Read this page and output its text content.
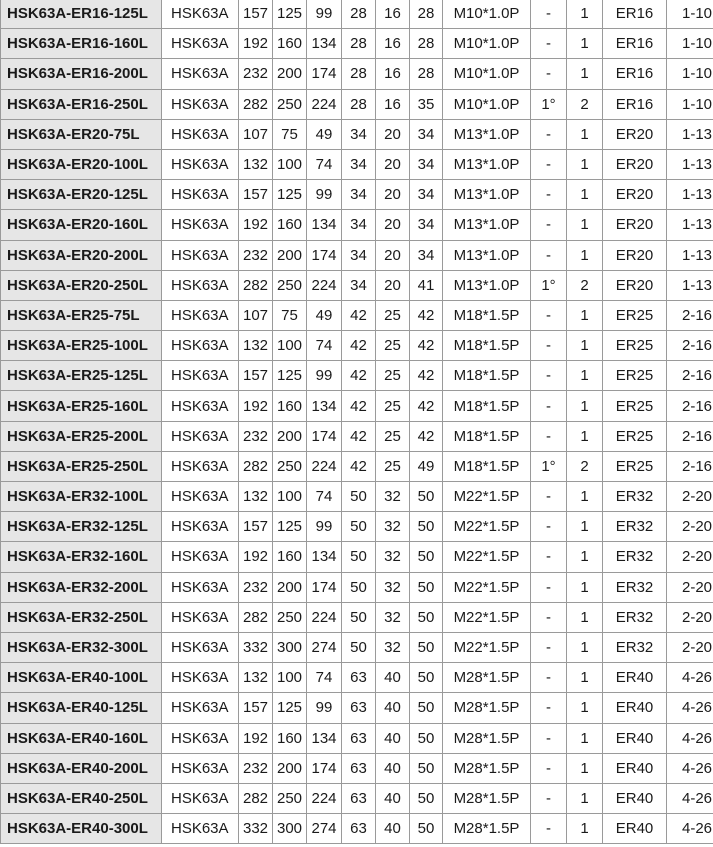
HSK63A-ER16-125L	HSK63A	157	125	99	28	16	28	M10*1.0P	-	1	ER16	1-10
HSK63A-ER16-160L	HSK63A	192	160	134	28	16	28	M10*1.0P	-	1	ER16	1-10
HSK63A-ER16-200L	HSK63A	232	200	174	28	16	28	M10*1.0P	-	1	ER16	1-10
HSK63A-ER16-250L	HSK63A	282	250	224	28	16	35	M10*1.0P	1°	2	ER16	1-10
HSK63A-ER20-75L	HSK63A	107	75	49	34	20	34	M13*1.0P	-	1	ER20	1-13
HSK63A-ER20-100L	HSK63A	132	100	74	34	20	34	M13*1.0P	-	1	ER20	1-13
HSK63A-ER20-125L	HSK63A	157	125	99	34	20	34	M13*1.0P	-	1	ER20	1-13
HSK63A-ER20-160L	HSK63A	192	160	134	34	20	34	M13*1.0P	-	1	ER20	1-13
HSK63A-ER20-200L	HSK63A	232	200	174	34	20	34	M13*1.0P	-	1	ER20	1-13
HSK63A-ER20-250L	HSK63A	282	250	224	34	20	41	M13*1.0P	1°	2	ER20	1-13
HSK63A-ER25-75L	HSK63A	107	75	49	42	25	42	M18*1.5P	-	1	ER25	2-16
HSK63A-ER25-100L	HSK63A	132	100	74	42	25	42	M18*1.5P	-	1	ER25	2-16
HSK63A-ER25-125L	HSK63A	157	125	99	42	25	42	M18*1.5P	-	1	ER25	2-16
HSK63A-ER25-160L	HSK63A	192	160	134	42	25	42	M18*1.5P	-	1	ER25	2-16
HSK63A-ER25-200L	HSK63A	232	200	174	42	25	42	M18*1.5P	-	1	ER25	2-16
HSK63A-ER25-250L	HSK63A	282	250	224	42	25	49	M18*1.5P	1°	2	ER25	2-16
HSK63A-ER32-100L	HSK63A	132	100	74	50	32	50	M22*1.5P	-	1	ER32	2-20
HSK63A-ER32-125L	HSK63A	157	125	99	50	32	50	M22*1.5P	-	1	ER32	2-20
HSK63A-ER32-160L	HSK63A	192	160	134	50	32	50	M22*1.5P	-	1	ER32	2-20
HSK63A-ER32-200L	HSK63A	232	200	174	50	32	50	M22*1.5P	-	1	ER32	2-20
HSK63A-ER32-250L	HSK63A	282	250	224	50	32	50	M22*1.5P	-	1	ER32	2-20
HSK63A-ER32-300L	HSK63A	332	300	274	50	32	50	M22*1.5P	-	1	ER32	2-20
HSK63A-ER40-100L	HSK63A	132	100	74	63	40	50	M28*1.5P	-	1	ER40	4-26
HSK63A-ER40-125L	HSK63A	157	125	99	63	40	50	M28*1.5P	-	1	ER40	4-26
HSK63A-ER40-160L	HSK63A	192	160	134	63	40	50	M28*1.5P	-	1	ER40	4-26
HSK63A-ER40-200L	HSK63A	232	200	174	63	40	50	M28*1.5P	-	1	ER40	4-26
HSK63A-ER40-250L	HSK63A	282	250	224	63	40	50	M28*1.5P	-	1	ER40	4-26
HSK63A-ER40-300L	HSK63A	332	300	274	63	40	50	M28*1.5P	-	1	ER40	4-26
